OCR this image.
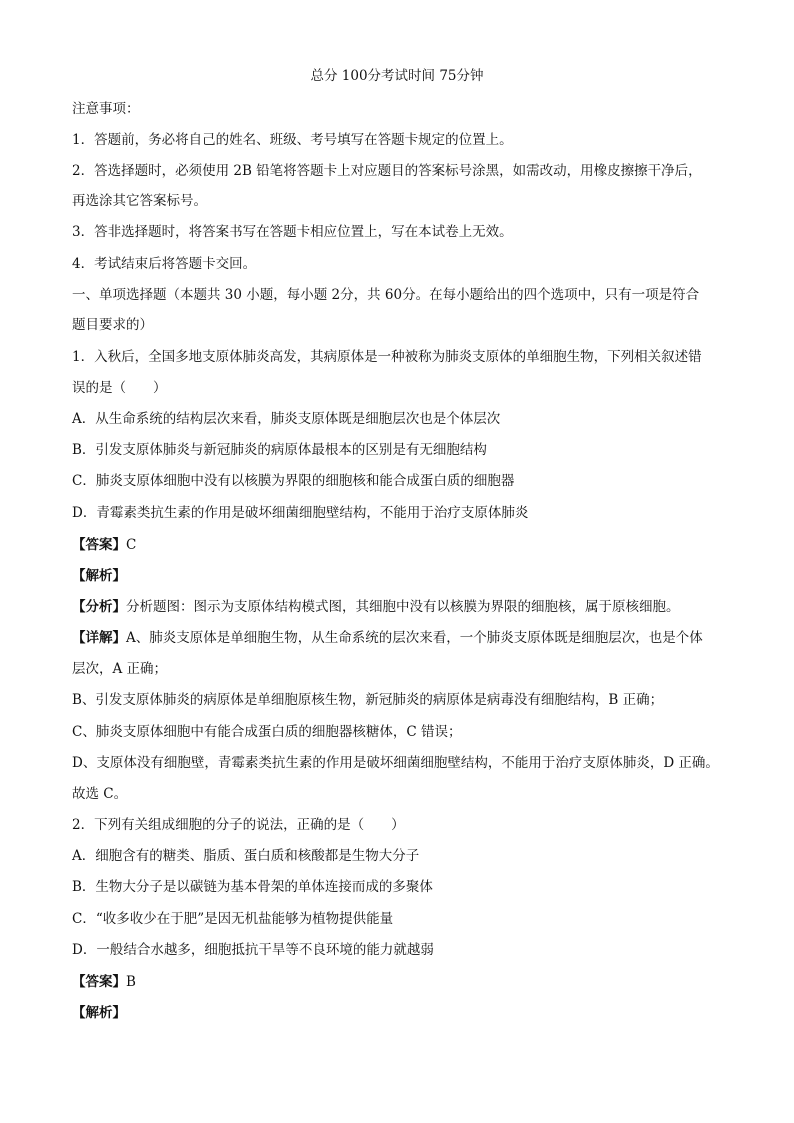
总分 100分考试时间 75分钟
注意事项：
1．答题前，务必将自己的姓名、班级、考号填写在答题卡规定的位置上。
2．答选择题时，必须使用 2B 铅笔将答题卡上对应题目的答案标号涂黑，如需改动，用橡皮擦擦干净后，
再选涂其它答案标号。
3．答非选择题时，将答案书写在答题卡相应位置上，写在本试卷上无效。
4．考试结束后将答题卡交回。
一、单项选择题（本题共 30 小题，每小题 2分，共 60分。在每小题给出的四个选项中，只有一项是符合
题目要求的）
1．入秋后，全国多地支原体肺炎高发，其病原体是一种被称为肺炎支原体的单细胞生物，下列相关叙述错
误的是（　　）
A．从生命系统的结构层次来看，肺炎支原体既是细胞层次也是个体层次
B．引发支原体肺炎与新冠肺炎的病原体最根本的区别是有无细胞结构
C．肺炎支原体细胞中没有以核膜为界限的细胞核和能合成蛋白质的细胞器
D．青霉素类抗生素的作用是破坏细菌细胞壁结构，不能用于治疗支原体肺炎
【答案】C
【解析】
【分析】分析题图：图示为支原体结构模式图，其细胞中没有以核膜为界限的细胞核，属于原核细胞。
【详解】A、肺炎支原体是单细胞生物，从生命系统的层次来看，一个肺炎支原体既是细胞层次，也是个体
层次，A 正确；
B、引发支原体肺炎的病原体是单细胞原核生物，新冠肺炎的病原体是病毒没有细胞结构，B 正确；
C、肺炎支原体细胞中有能合成蛋白质的细胞器核糖体，C 错误；
D、支原体没有细胞壁，青霉素类抗生素的作用是破坏细菌细胞壁结构，不能用于治疗支原体肺炎，D 正确。
故选 C。
2．下列有关组成细胞的分子的说法，正确的是（　　）
A．细胞含有的糖类、脂质、蛋白质和核酸都是生物大分子
B．生物大分子是以碳链为基本骨架的单体连接而成的多聚体
C．“收多收少在于肥”是因无机盐能够为植物提供能量
D．一般结合水越多，细胞抵抗干旱等不良环境的能力就越弱
【答案】B
【解析】
